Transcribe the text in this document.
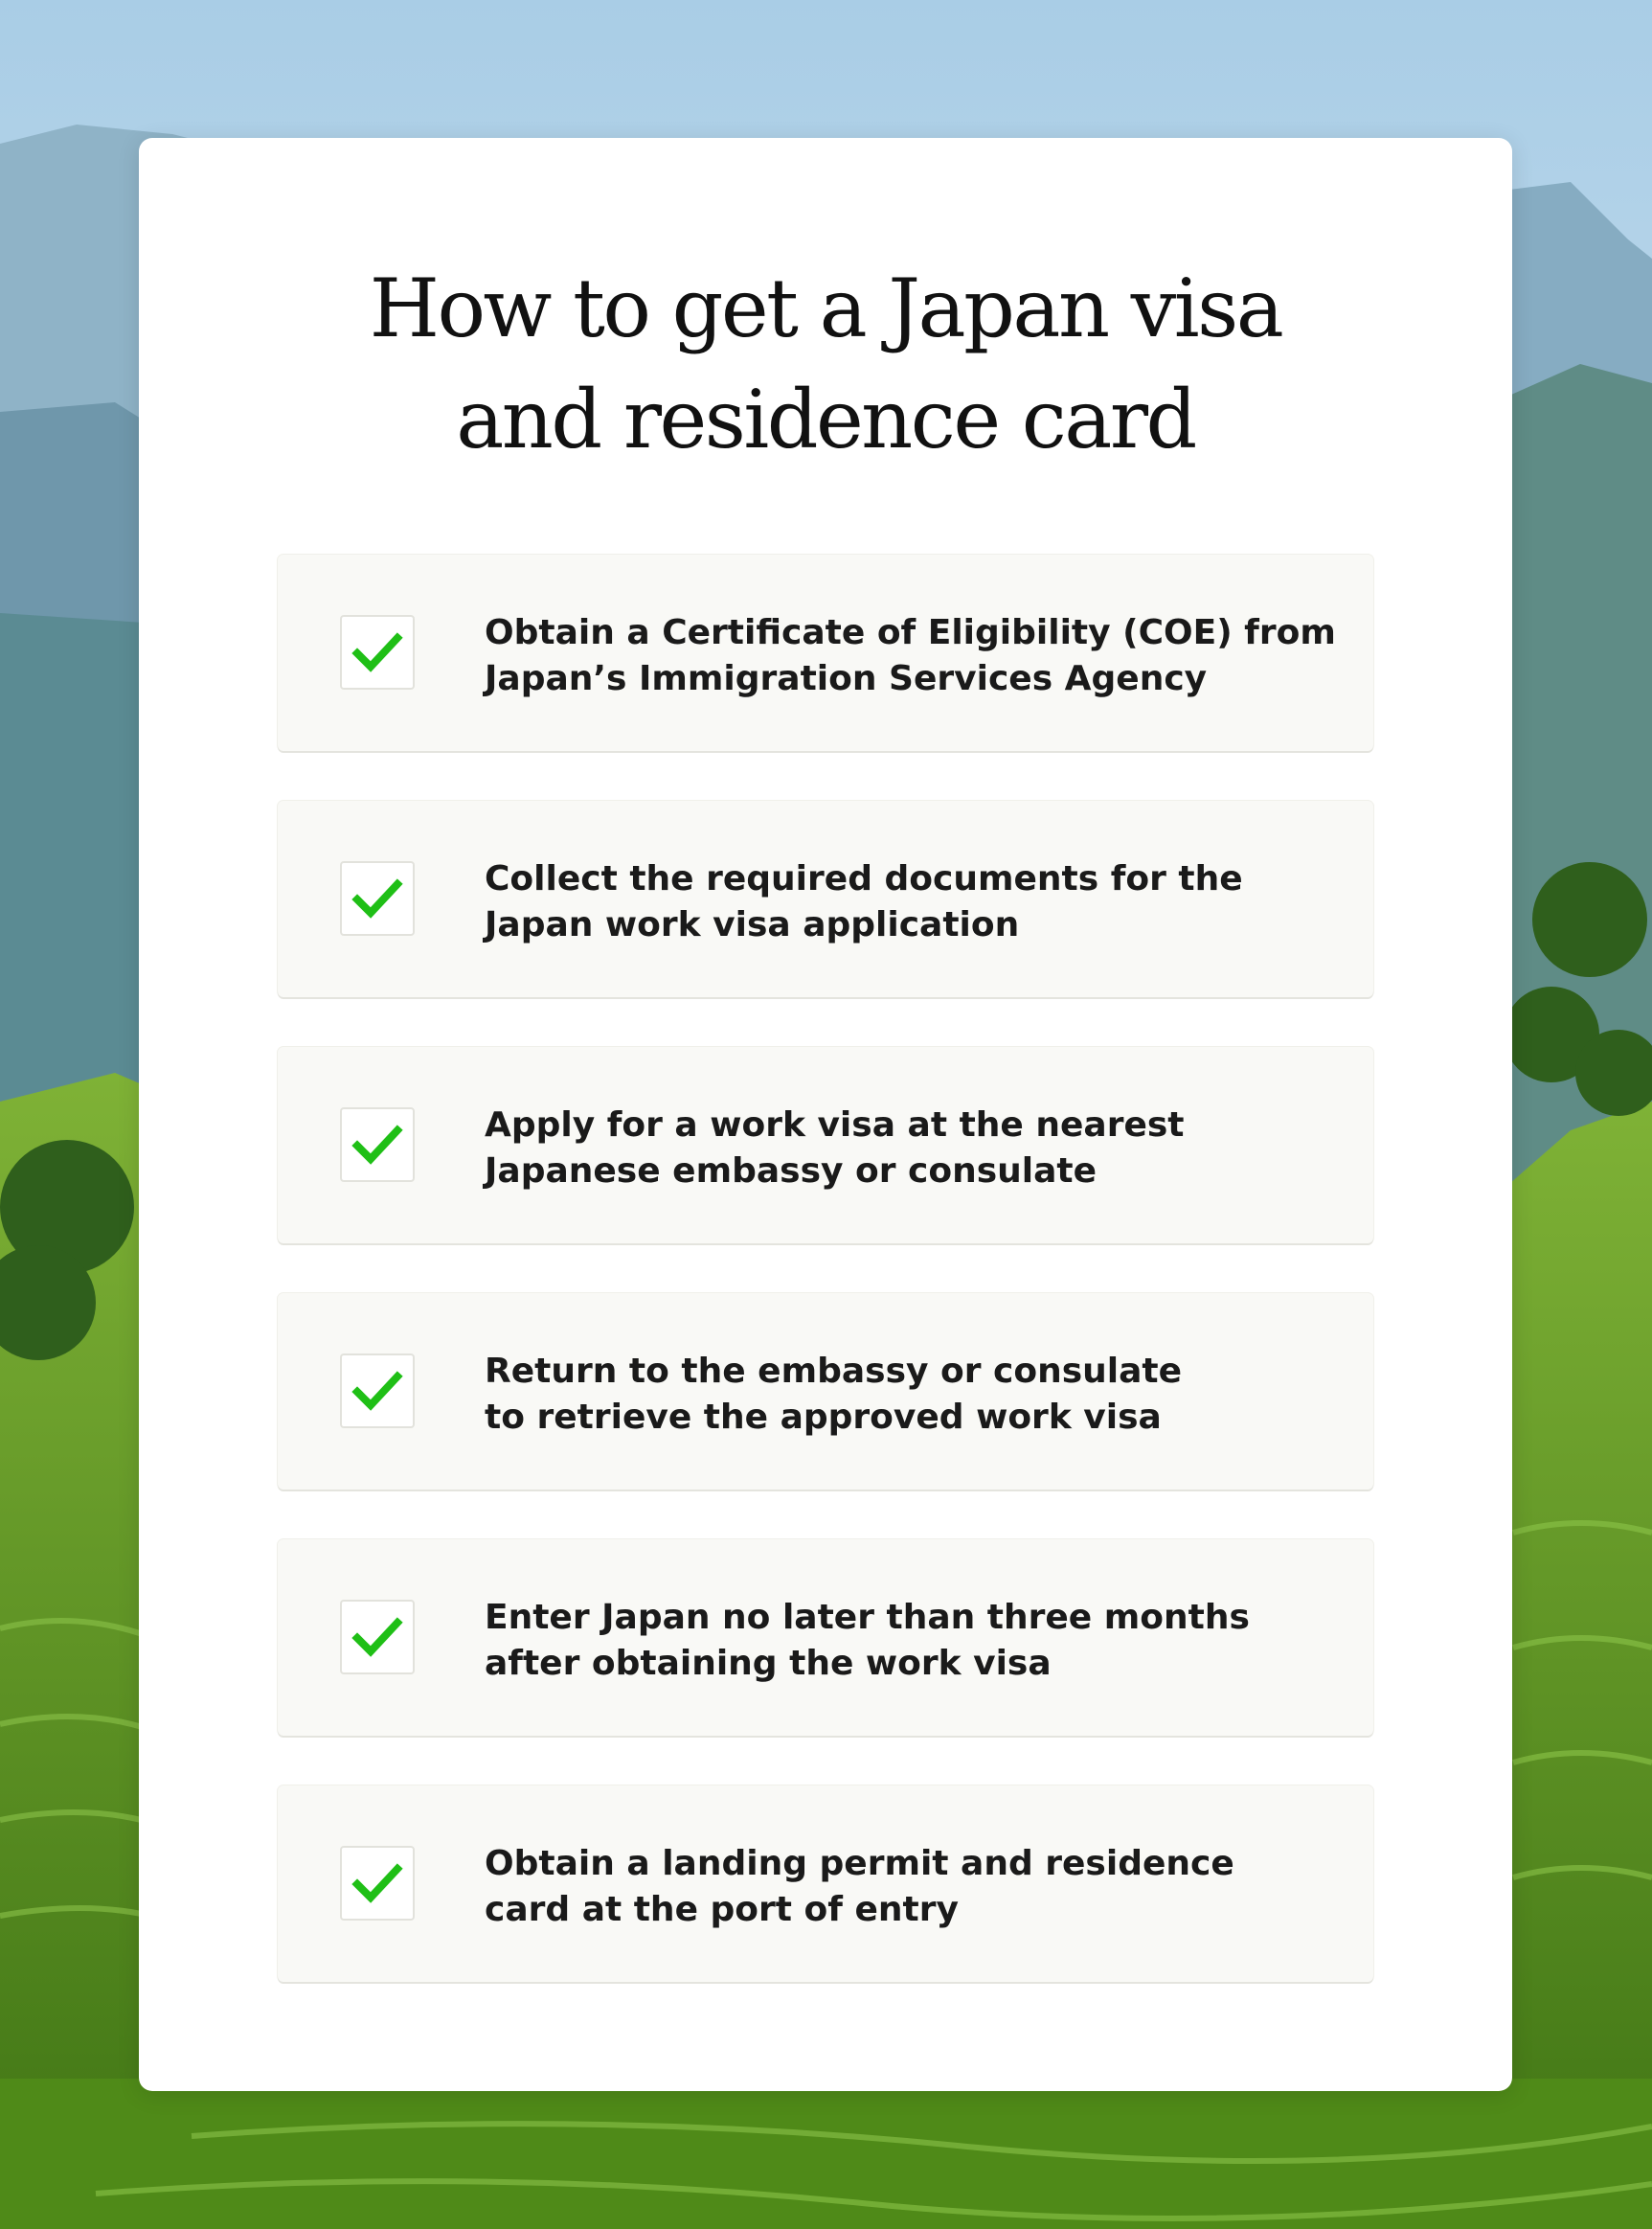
How to get a Japan visa
and residence card
Obtain a Certificate of Eligibility (COE) from
Japan’s Immigration Services Agency
Collect the required documents for the
Japan work visa application
Apply for a work visa at the nearest
Japanese embassy or consulate
Return to the embassy or consulate
to retrieve the approved work visa
Enter Japan no later than three months
after obtaining the work visa
Obtain a landing permit and residence
card at the port of entry
